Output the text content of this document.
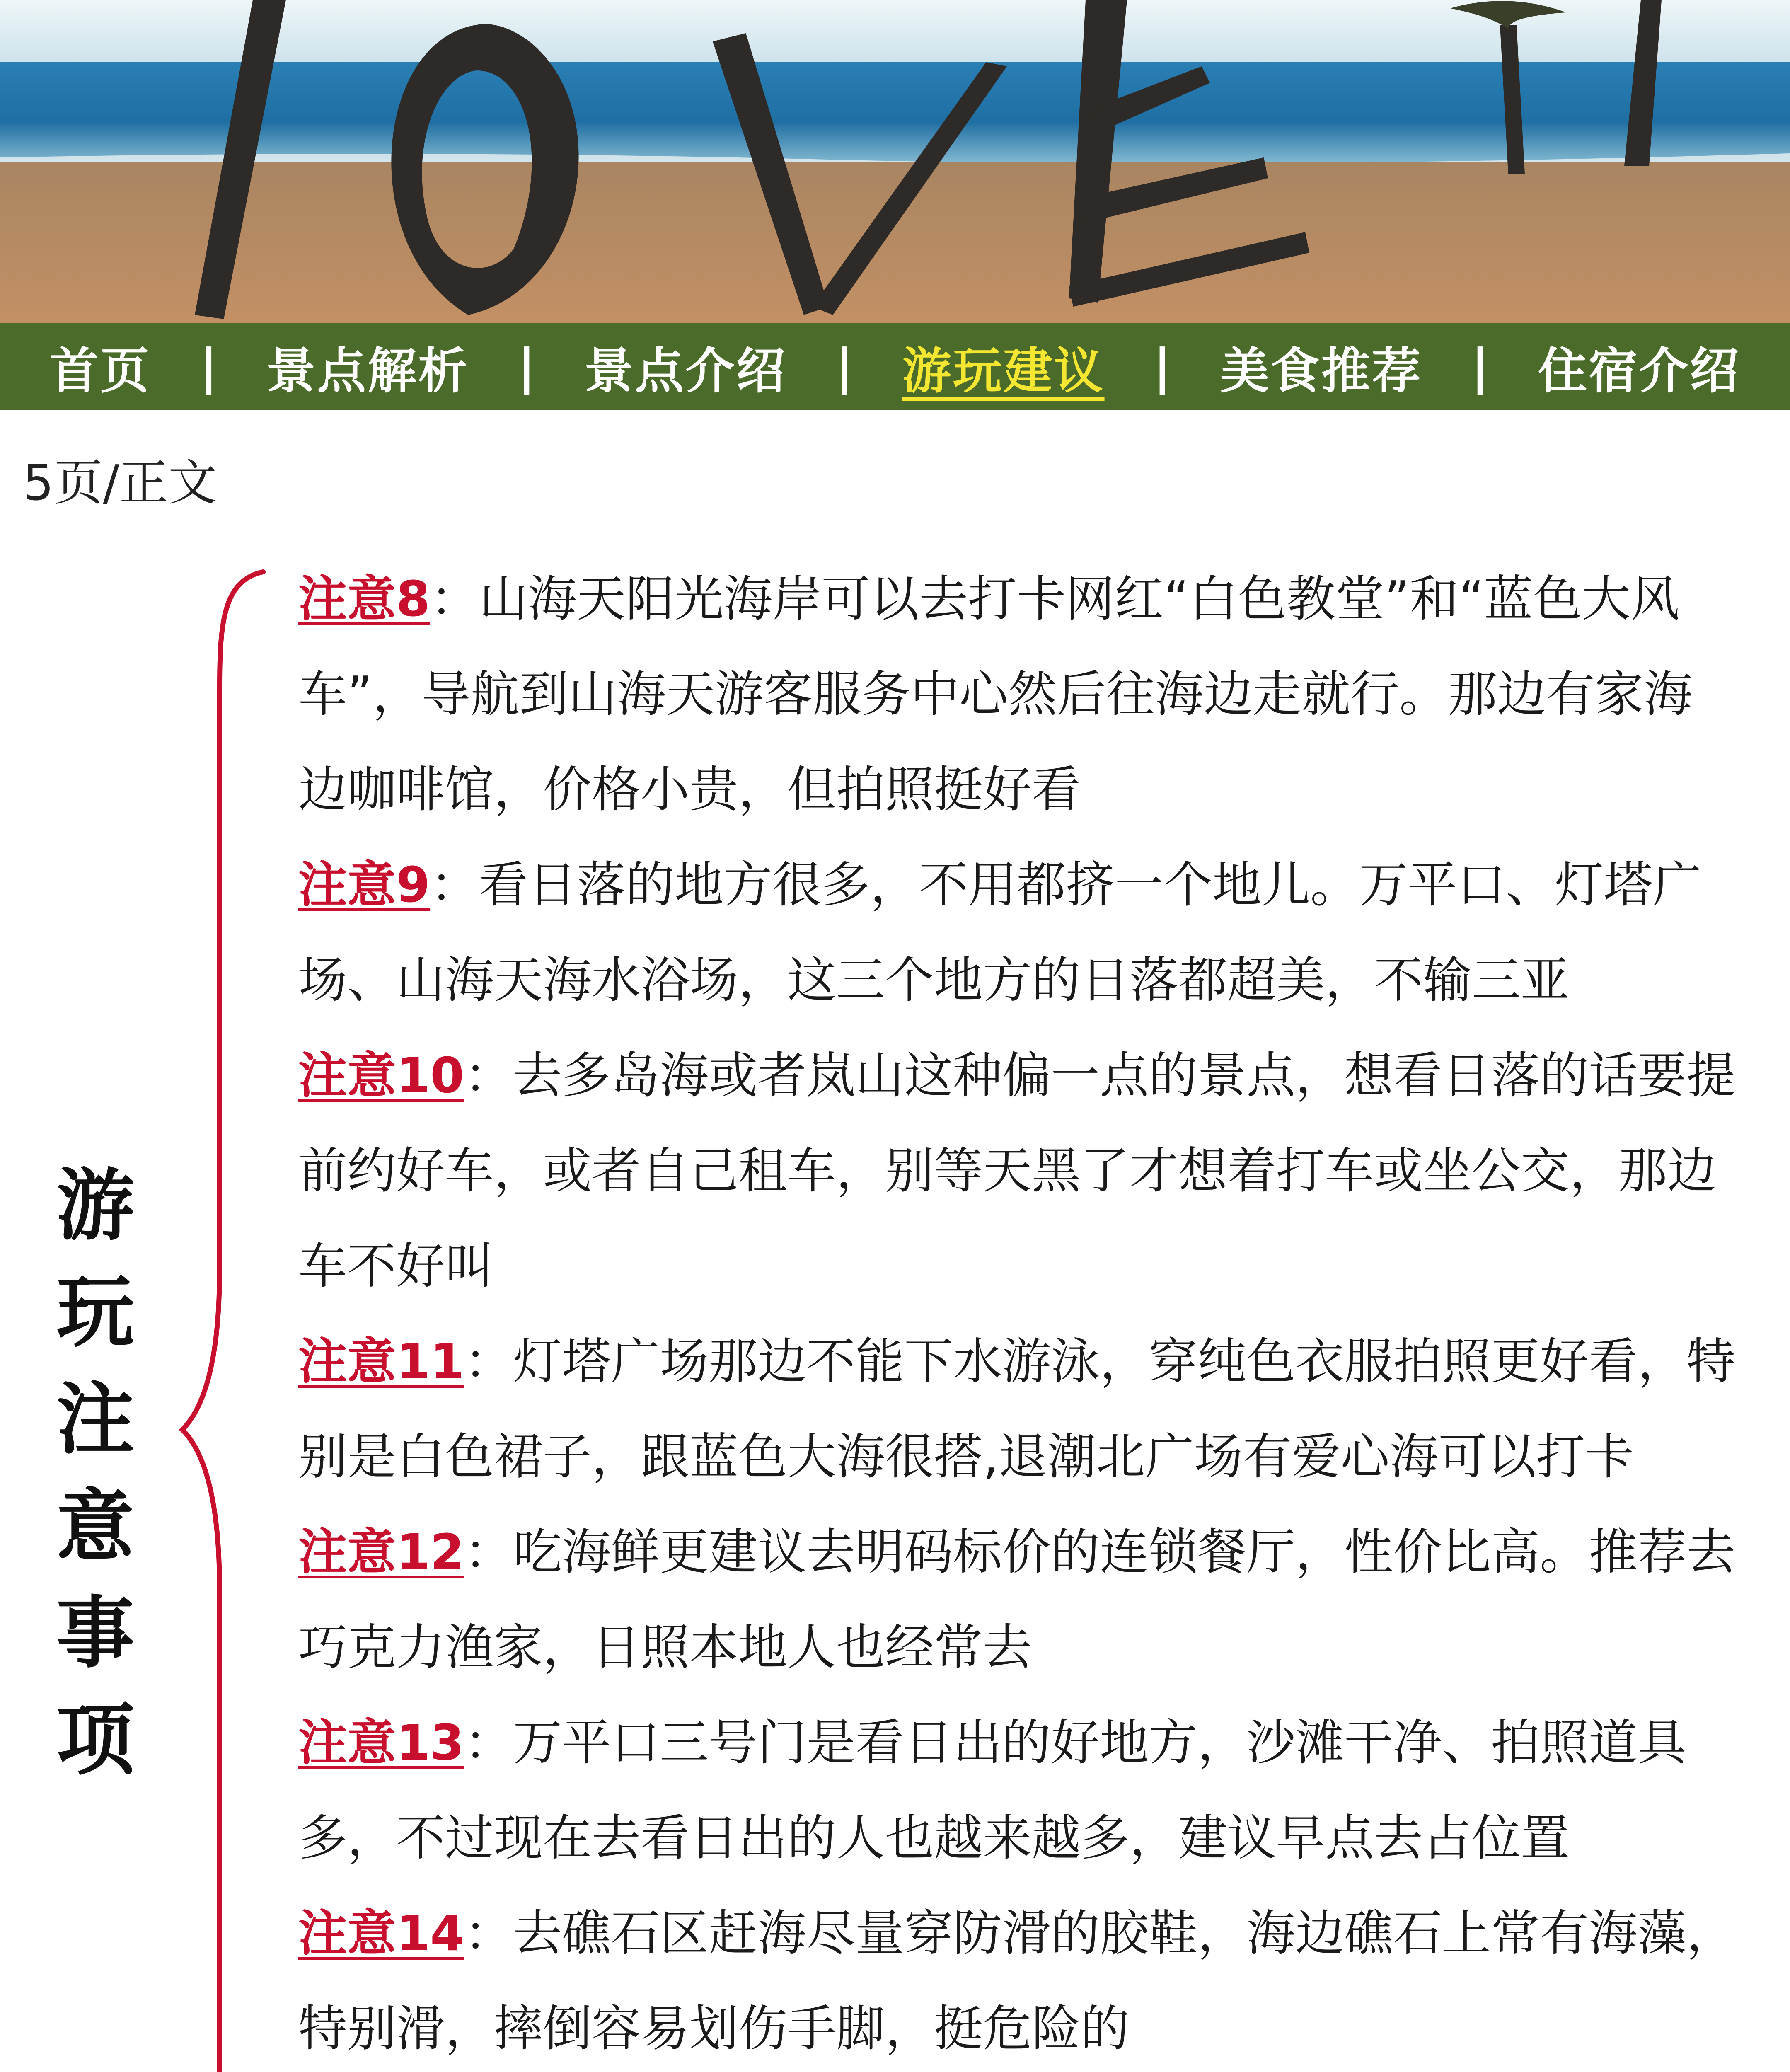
首页 | 景点解析 | 景点介绍 | 游玩建议 | 美食推荐 | 住宿介绍
5页/正文
游
玩
注
意
事
项

注意8：山海天阳光海岸可以去打卡网红“白色教堂”和“蓝色大风车”，导航到山海天游客服务中心然后往海边走就行。那边有家海边咖啡馆，价格小贵，但拍照挺好看

注意9：看日落的地方很多，不用都挤一个地儿。万平口、灯塔广场、山海天海水浴场，这三个地方的日落都超美，不输三亚

注意10：去多岛海或者岚山这种偏一点的景点，想看日落的话要提前约好车，或者自己租车，别等天黑了才想着打车或坐公交，那边车不好叫

注意11：灯塔广场那边不能下水游泳，穿纯色衣服拍照更好看，特别是白色裙子，跟蓝色大海很搭,退潮北广场有爱心海可以打卡

注意12：吃海鲜更建议去明码标价的连锁餐厅，性价比高。推荐去巧克力渔家，日照本地人也经常去

注意13：万平口三号门是看日出的好地方，沙滩干净、拍照道具多，不过现在去看日出的人也越来越多，建议早点去占位置

注意14：去礁石区赶海尽量穿防滑的胶鞋，海边礁石上常有海藻，特别滑，摔倒容易划伤手脚，挺危险的
